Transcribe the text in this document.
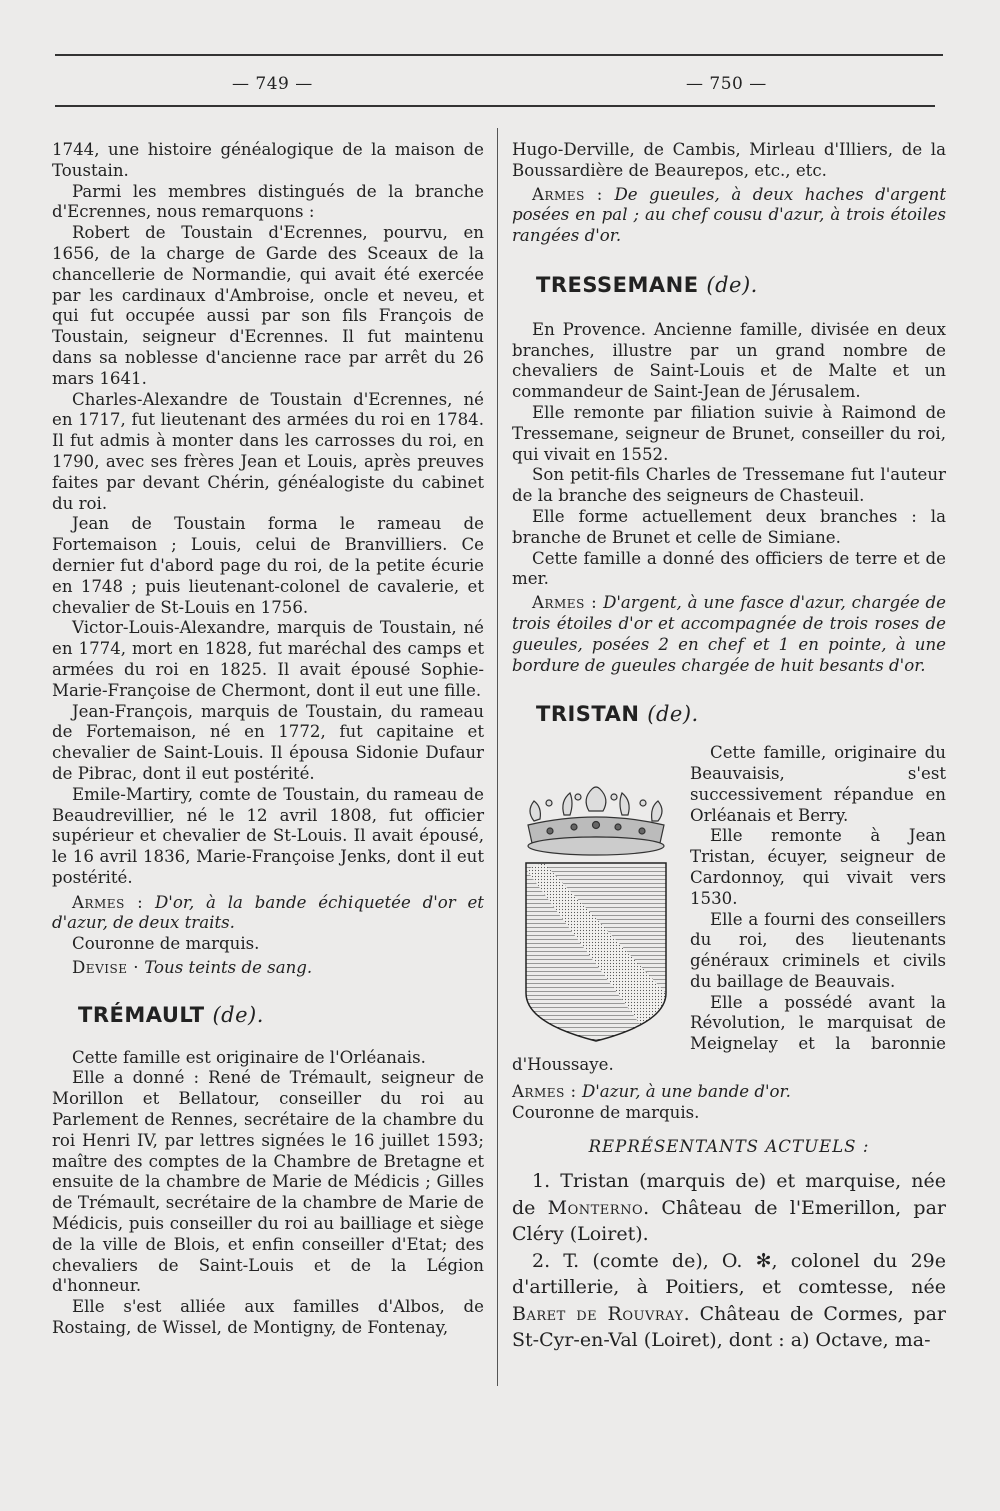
— 749 —	— 750 —

1744, une histoire généalogique de la maison de Toustain.

Parmi les membres distingués de la branche d'Ecrennes, nous remarquons :

Robert de Toustain d'Ecrennes, pourvu, en 1656, de la charge de Garde des Sceaux de la chancellerie de Normandie, qui avait été exercée par les cardinaux d'Ambroise, oncle et neveu, et qui fut occupée aussi par son fils François de Toustain, seigneur d'Ecrennes. Il fut maintenu dans sa noblesse d'ancienne race par arrêt du 26 mars 1641.

Charles-Alexandre de Toustain d'Ecrennes, né en 1717, fut lieutenant des armées du roi en 1784. Il fut admis à monter dans les carrosses du roi, en 1790, avec ses frères Jean et Louis, après preuves faites par devant Chérin, généalogiste du cabinet du roi.

Jean de Toustain forma le rameau de Fortemaison ; Louis, celui de Branvilliers. Ce dernier fut d'abord page du roi, de la petite écurie en 1748 ; puis lieutenant-colonel de cavalerie, et chevalier de St-Louis en 1756.

Victor-Louis-Alexandre, marquis de Toustain, né en 1774, mort en 1828, fut maréchal des camps et armées du roi en 1825. Il avait épousé Sophie-Marie-Françoise de Chermont, dont il eut une fille.

Jean-François, marquis de Toustain, du rameau de Fortemaison, né en 1772, fut capitaine et chevalier de Saint-Louis. Il épousa Sidonie Dufaur de Pibrac, dont il eut postérité.

Emile-Martiry, comte de Toustain, du rameau de Beaudrevillier, né le 12 avril 1808, fut officier supérieur et chevalier de St-Louis. Il avait épousé, le 16 avril 1836, Marie-Françoise Jenks, dont il eut postérité.

Armes : D'or, à la bande échiquetée d'or et d'azur, de deux traits.

Couronne de marquis.

Devise · Tous teints de sang.

TRÉMAULT (de).

Cette famille est originaire de l'Orléanais.

Elle a donné : René de Trémault, seigneur de Morillon et Bellatour, conseiller du roi au Parlement de Rennes, secrétaire de la chambre du roi Henri IV, par lettres signées le 16 juillet 1593; maître des comptes de la Chambre de Bretagne et ensuite de la chambre de Marie de Médicis ; Gilles de Trémault, secrétaire de la chambre de Marie de Médicis, puis conseiller du roi au bailliage et siège de la ville de Blois, et enfin conseiller d'Etat; des chevaliers de Saint-Louis et de la Légion d'honneur.

Elle s'est alliée aux familles d'Albos, de Rostaing, de Wissel, de Montigny, de Fontenay,

Hugo-Derville, de Cambis, Mirleau d'Illiers, de la Boussardière de Beaurepos, etc., etc.

Armes : De gueules, à deux haches d'argent posées en pal ; au chef cousu d'azur, à trois étoiles rangées d'or.

TRESSEMANE (de).

En Provence. Ancienne famille, divisée en deux branches, illustre par un grand nombre de chevaliers de Saint-Louis et de Malte et un commandeur de Saint-Jean de Jérusalem.

Elle remonte par filiation suivie à Raimond de Tressemane, seigneur de Brunet, conseiller du roi, qui vivait en 1552.

Son petit-fils Charles de Tressemane fut l'auteur de la branche des seigneurs de Chasteuil.

Elle forme actuellement deux branches : la branche de Brunet et celle de Simiane.

Cette famille a donné des officiers de terre et de mer.

Armes : D'argent, à une fasce d'azur, chargée de trois étoiles d'or et accompagnée de trois roses de gueules, posées 2 en chef et 1 en pointe, à une bordure de gueules chargée de huit besants d'or.

TRISTAN (de).

Cette famille, originaire du Beauvaisis, s'est successivement répandue en Orléanais et Berry.

Elle remonte à Jean Tristan, écuyer, seigneur de Cardonnoy, qui vivait vers 1530.

Elle a fourni des conseillers du roi, des lieutenants généraux criminels et civils du baillage de Beauvais.

Elle a possédé avant la Révolution, le marquisat de Meignelay et la baronnie d'Houssaye.

Armes : D'azur, à une bande d'or.

Couronne de marquis.

REPRÉSENTANTS ACTUELS :

1. Tristan (marquis de) et marquise, née de Monterno. Château de l'Emerillon, par Cléry (Loiret).

2. T. (comte de), O. ✻, colonel du 29e d'artillerie, à Poitiers, et comtesse, née Baret de Rouvray. Château de Cormes, par St-Cyr-en-Val (Loiret), dont : a) Octave, ma-
